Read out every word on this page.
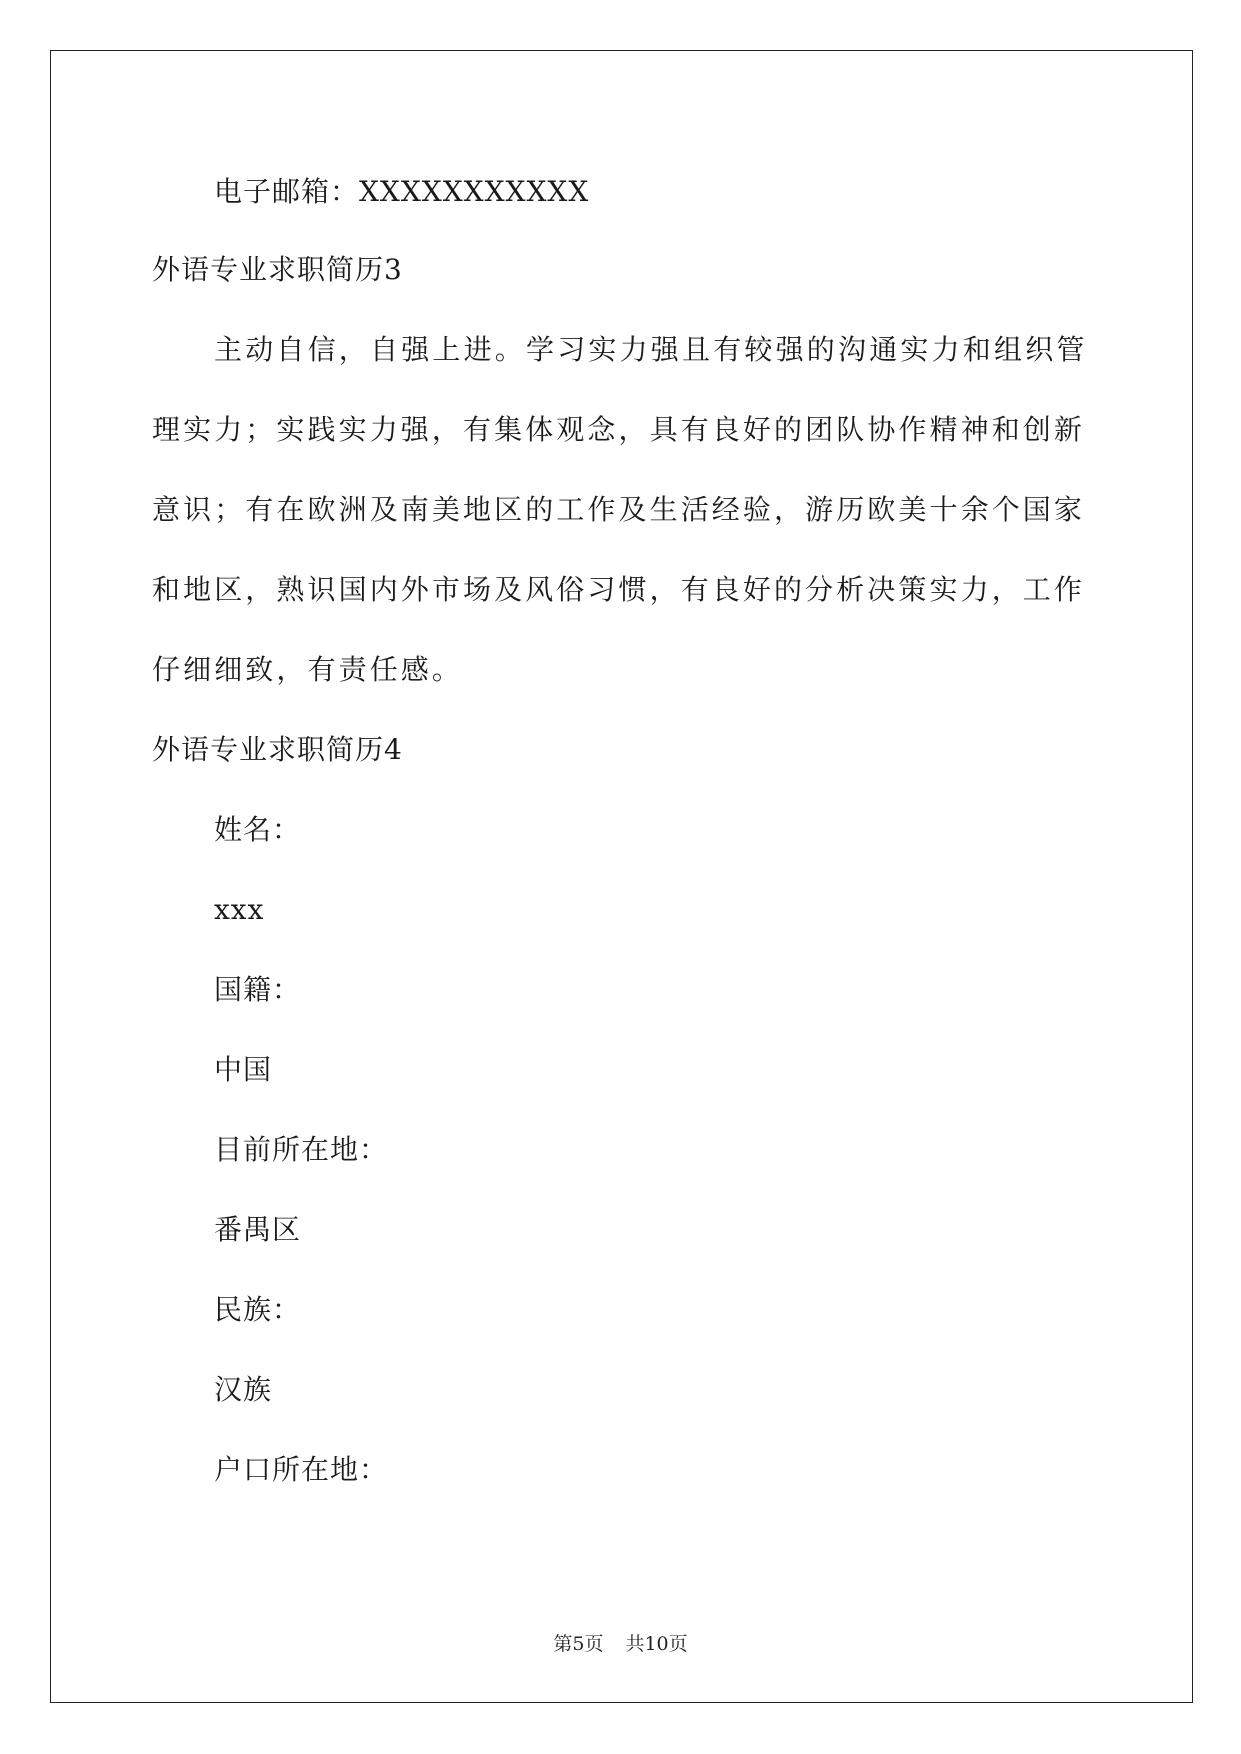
电子邮箱：XXXXXXXXXXX
外语专业求职简历3
主动自信，自强上进。学习实力强且有较强的沟通实力和组织管
理实力；实践实力强，有集体观念，具有良好的团队协作精神和创新
意识；有在欧洲及南美地区的工作及生活经验，游历欧美十余个国家
和地区，熟识国内外市场及风俗习惯，有良好的分析决策实力，工作
仔细细致，有责任感。
外语专业求职简历4
姓名：
xxx
国籍：
中国
目前所在地：
番禺区
民族：
汉族
户口所在地：
第5页 共10页
